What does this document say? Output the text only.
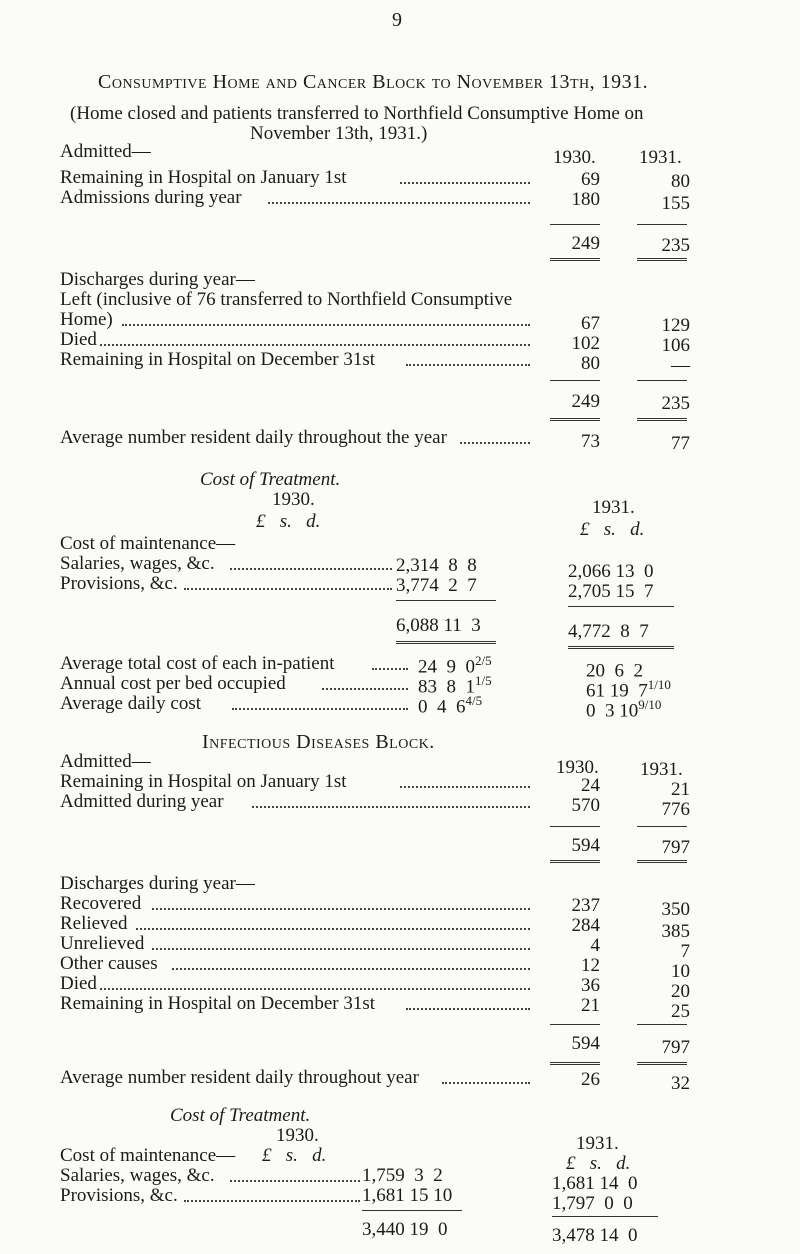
9
Consumptive Home and Cancer Block to November 13th, 1931.
(Home closed and patients transferred to Northfield Consumptive Home on
November 13th, 1931.)
Admitted—	1930. 1931.
Remaining in Hospital on January 1st	69	80
Admissions during year	180	155
249	235
Discharges during year—
Left (inclusive of 76 transferred to Northfield Consumptive
Home)	67	129
Died	102	106
Remaining in Hospital on December 31st	80	—
249	235
Average number resident daily throughout the year	73	77
Cost of Treatment.
1930.
£   s.   d.
1931.
£   s.   d.
Cost of maintenance—
Salaries, wages, &c.	2,314  8  8	2,066 13  0
Provisions, &c.	3,774  2  7	2,705 15  7
6,088 11  3	4,772  8  7
Average total cost of each in-patient	24  9  $0^{2/5}$	20  6  2
Annual cost per bed occupied	83  8  $1^{1/5}$	61 19  $7^{1/10}$
Average daily cost	0  4  $6^{4/5}$	0  3 $10^{9/10}$
Infectious Diseases Block.
Admitted—	1930. 1931.
Remaining in Hospital on January 1st	24	21
Admitted during year	570	776
594	797
Discharges during year—
Recovered	237	350
Relieved	284	385
Unrelieved	4	7
Other causes	12	10
Died	36	20
Remaining in Hospital on December 31st	21	25
594	797
Average number resident daily throughout year	26	32
Cost of Treatment.
1930.	1931.
Cost of maintenance— £   s.   d.	£   s.   d.
Salaries, wages, &c.	1,759  3  2	1,681 14  0
Provisions, &c.	1,681 15 10	1,797  0  0
3,440 19  0	3,478 14  0
